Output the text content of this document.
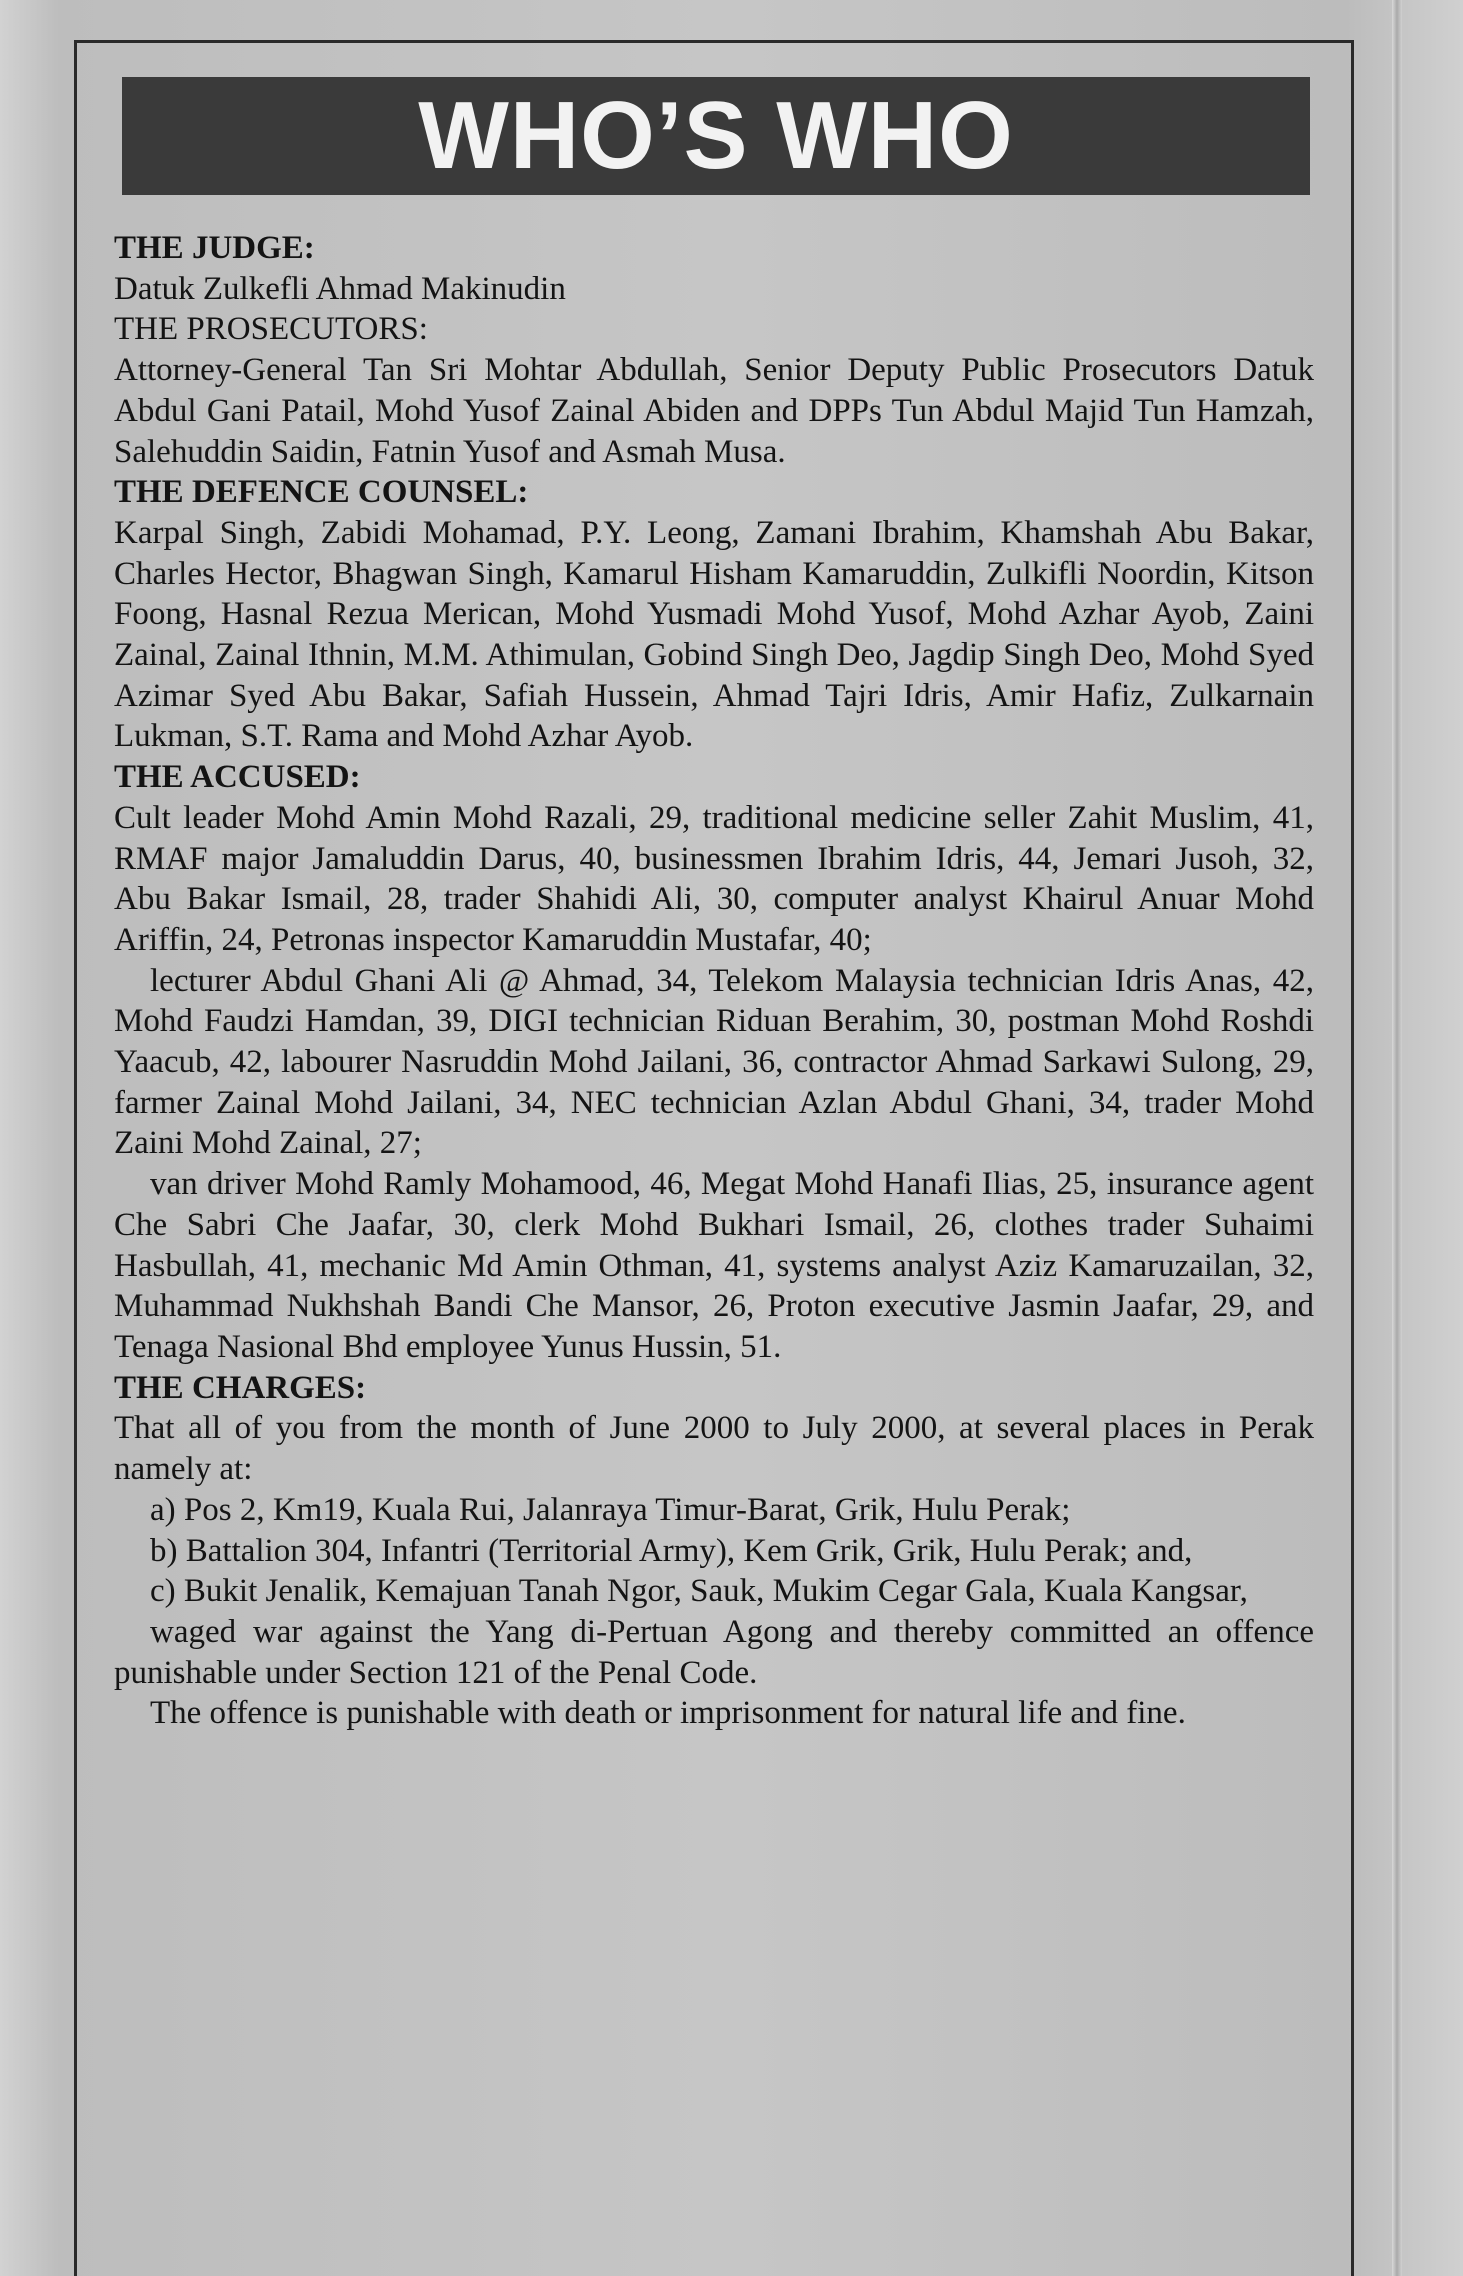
WHO’S WHO

THE JUDGE:

Datuk Zulkefli Ahmad Makinudin

THE PROSECUTORS:

Attorney-General Tan Sri Mohtar Abdullah, Senior Deputy Public Prosecutors Datuk Abdul Gani Patail, Mohd Yusof Zainal Abiden and DPPs Tun Abdul Majid Tun Hamzah, Salehuddin Saidin, Fatnin Yusof and Asmah Musa.

THE DEFENCE COUNSEL:

Karpal Singh, Zabidi Mohamad, P.Y. Leong, Zamani Ibrahim, Khamshah Abu Bakar, Charles Hector, Bhagwan Singh, Kamarul Hisham Kamaruddin, Zulkifli Noordin, Kitson Foong, Hasnal Rezua Merican, Mohd Yusmadi Mohd Yusof, Mohd Azhar Ayob, Zaini Zainal, Zainal Ithnin, M.M. Athimulan, Gobind Singh Deo, Jagdip Singh Deo, Mohd Syed Azimar Syed Abu Bakar, Safiah Hussein, Ahmad Tajri Idris, Amir Hafiz, Zulkarnain Lukman, S.T. Rama and Mohd Azhar Ayob.

THE ACCUSED:

Cult leader Mohd Amin Mohd Razali, 29, traditional medicine seller Zahit Muslim, 41, RMAF major Jamaluddin Darus, 40, businessmen Ibrahim Idris, 44, Jemari Jusoh, 32, Abu Bakar Ismail, 28, trader Shahidi Ali, 30, computer analyst Khairul Anuar Mohd Ariffin, 24, Petronas inspector Kamaruddin Mustafar, 40;

lecturer Abdul Ghani Ali @ Ahmad, 34, Telekom Malaysia technician Idris Anas, 42, Mohd Faudzi Hamdan, 39, DIGI technician Riduan Berahim, 30, postman Mohd Roshdi Yaacub, 42, labourer Nasruddin Mohd Jailani, 36, contractor Ahmad Sarkawi Sulong, 29, farmer Zainal Mohd Jailani, 34, NEC technician Azlan Abdul Ghani, 34, trader Mohd Zaini Mohd Zainal, 27;

van driver Mohd Ramly Mohamood, 46, Megat Mohd Hanafi Ilias, 25, insurance agent Che Sabri Che Jaafar, 30, clerk Mohd Bukhari Ismail, 26, clothes trader Suhaimi Hasbullah, 41, mechanic Md Amin Othman, 41, systems analyst Aziz Kamaruzailan, 32, Muhammad Nukhshah Bandi Che Mansor, 26, Proton executive Jasmin Jaafar, 29, and Tenaga Nasional Bhd employee Yunus Hussin, 51.

THE CHARGES:

That all of you from the month of June 2000 to July 2000, at several places in Perak namely at:

a) Pos 2, Km19, Kuala Rui, Jalanraya Timur-Barat, Grik, Hulu Perak;

b) Battalion 304, Infantri (Territorial Army), Kem Grik, Grik, Hulu Perak; and,

c) Bukit Jenalik, Kemajuan Tanah Ngor, Sauk, Mukim Cegar Gala, Kuala Kangsar,

waged war against the Yang di-Pertuan Agong and thereby committed an offence punishable under Section 121 of the Penal Code.

The offence is punishable with death or imprisonment for natural life and fine.
